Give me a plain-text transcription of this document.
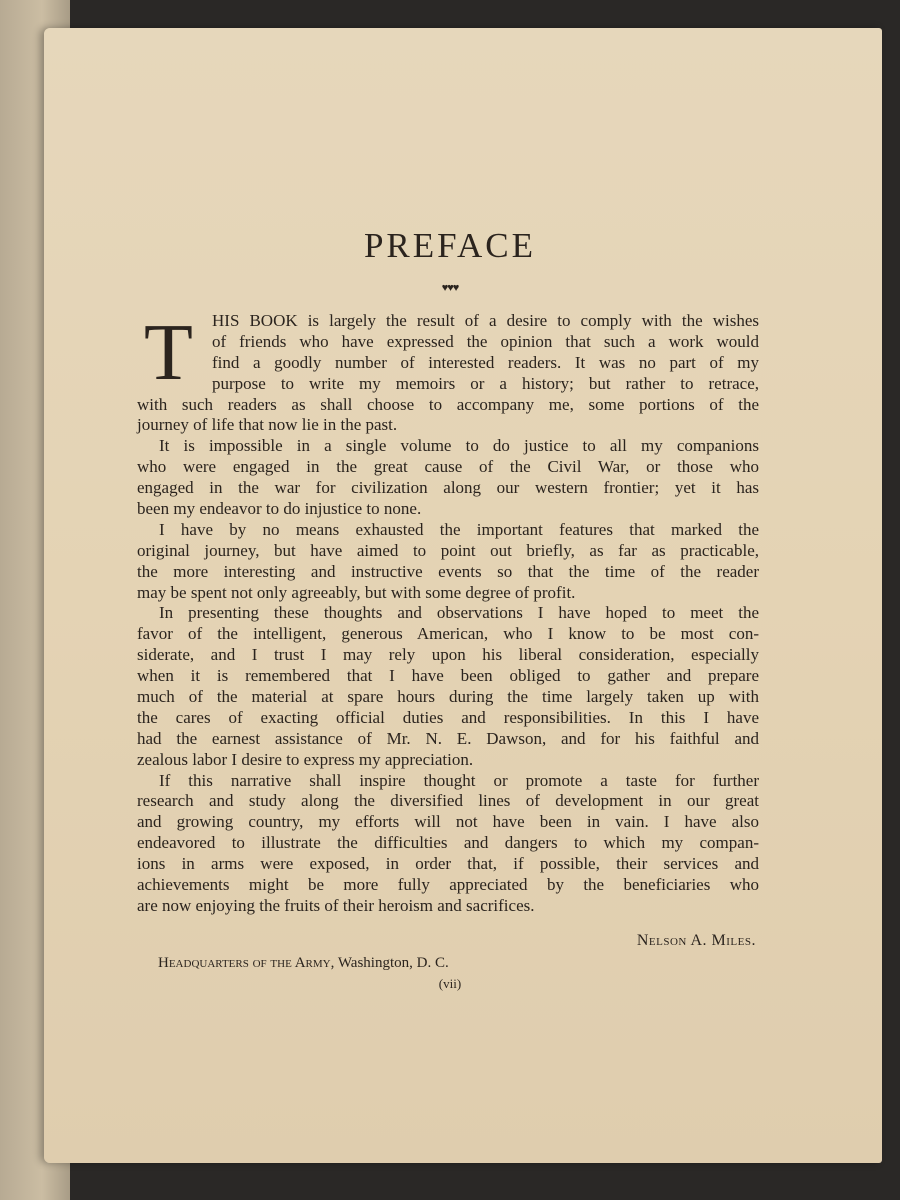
PREFACE
♥♥♥
T HIS BOOK is largely the result of a desire to comply with the wishes
of friends who have expressed the opinion that such a work would
find a goodly number of interested readers. It was no part of my
purpose to write my memoirs or a history; but rather to retrace,
with such readers as shall choose to accompany me, some portions of the
journey of life that now lie in the past.
It is impossible in a single volume to do justice to all my companions
who were engaged in the great cause of the Civil War, or those who
engaged in the war for civilization along our western frontier; yet it has
been my endeavor to do injustice to none.
I have by no means exhausted the important features that marked the
original journey, but have aimed to point out briefly, as far as practicable,
the more interesting and instructive events so that the time of the reader
may be spent not only agreeably, but with some degree of profit.
In presenting these thoughts and observations I have hoped to meet the
favor of the intelligent, generous American, who I know to be most con-
siderate, and I trust I may rely upon his liberal consideration, especially
when it is remembered that I have been obliged to gather and prepare
much of the material at spare hours during the time largely taken up with
the cares of exacting official duties and responsibilities. In this I have
had the earnest assistance of Mr. N. E. Dawson, and for his faithful and
zealous labor I desire to express my appreciation.
If this narrative shall inspire thought or promote a taste for further
research and study along the diversified lines of development in our great
and growing country, my efforts will not have been in vain. I have also
endeavored to illustrate the difficulties and dangers to which my compan-
ions in arms were exposed, in order that, if possible, their services and
achievements might be more fully appreciated by the beneficiaries who
are now enjoying the fruits of their heroism and sacrifices.
Nelson A. Miles.
Headquarters of the Army, Washington, D. C.
(vii)
